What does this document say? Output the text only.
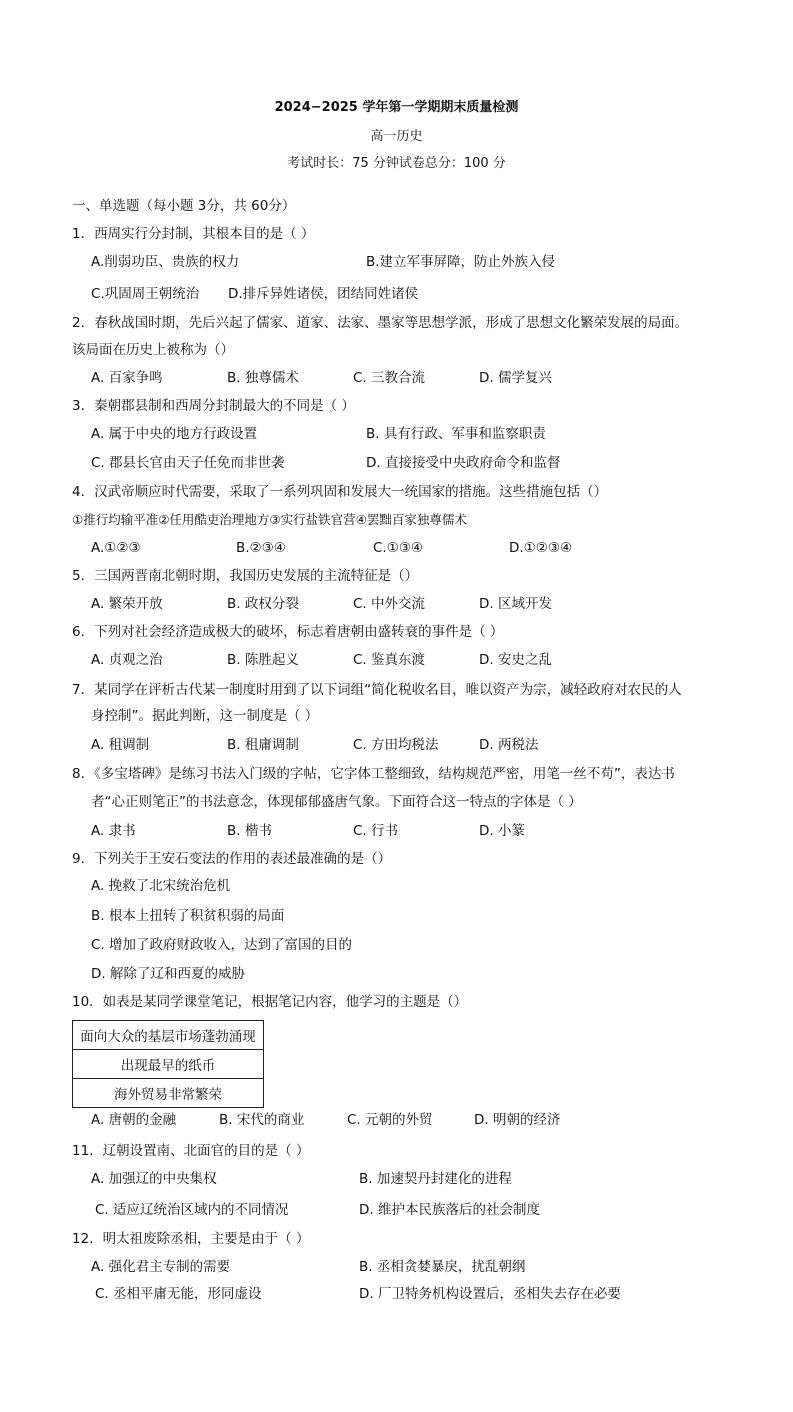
2024−2025 学年第一学期期末质量检测
高一历史
考试时长：75 分钟试卷总分：100 分
一、单选题（每小题 3分，共 60分）
1．西周实行分封制，其根本目的是（ ）
A.削弱功臣、贵族的权力	B.建立军事屏障，防止外族入侵
C.巩固周王朝统治 D.排斥异姓诸侯，团结同姓诸侯
2．春秋战国时期，先后兴起了儒家、道家、法家、墨家等思想学派，形成了思想文化繁荣发展的局面。
该局面在历史上被称为（）
A. 百家争鸣	B. 独尊儒术	C. 三教合流	D. 儒学复兴
3．秦朝郡县制和西周分封制最大的不同是（ ）
A. 属于中央的地方行政设置	B. 具有行政、军事和监察职责
C. 郡县长官由天子任免而非世袭	D. 直接接受中央政府命令和监督
4．汉武帝顺应时代需要，采取了一系列巩固和发展大一统国家的措施。这些措施包括（）
①推行均输平准②任用酷吏治理地方③实行盐铁官营④罢黜百家独尊儒术
A.①②③	B.②③④	C.①③④	D.①②③④
5．三国两晋南北朝时期，我国历史发展的主流特征是（）
A. 繁荣开放	B. 政权分裂	C. 中外交流	D. 区域开发
6．下列对社会经济造成极大的破坏，标志着唐朝由盛转衰的事件是（ ）
A. 贞观之治	B. 陈胜起义	C. 鉴真东渡	D. 安史之乱
7．某同学在评析古代某一制度时用到了以下词组“简化税收名目，唯以资产为宗，减轻政府对农民的人
身控制”。据此判断，这一制度是（ ）
A. 租调制	B. 租庸调制	C. 方田均税法	D. 两税法
8．《多宝塔碑》是练习书法入门级的字帖，它字体工整细致，结构规范严密，用笔一丝不苟”，表达书
者“心正则笔正”的书法意念，体现郁郁盛唐气象。下面符合这一特点的字体是（ ）
A. 隶书	B. 楷书	C. 行书	D. 小篆
9．下列关于王安石变法的作用的表述最准确的是（）
A. 挽救了北宋统治危机
B. 根本上扭转了积贫积弱的局面
C. 增加了政府财政收入，达到了富国的目的
D. 解除了辽和西夏的威胁
10．如表是某同学课堂笔记，根据笔记内容，他学习的主题是（）
面向大众的基层市场蓬勃涌现
出现最早的纸币
海外贸易非常繁荣
A. 唐朝的金融	B. 宋代的商业	C. 元朝的外贸	D. 明朝的经济
11．辽朝设置南、北面官的目的是（ ）
A. 加强辽的中央集权	B. 加速契丹封建化的进程
C. 适应辽统治区域内的不同情况	D. 维护本民族落后的社会制度
12．明太祖废除丞相，主要是由于（ ）
A. 强化君主专制的需要	B. 丞相贪婪暴戾，扰乱朝纲
C. 丞相平庸无能，形同虚设	D. 厂卫特务机构设置后，丞相失去存在必要
